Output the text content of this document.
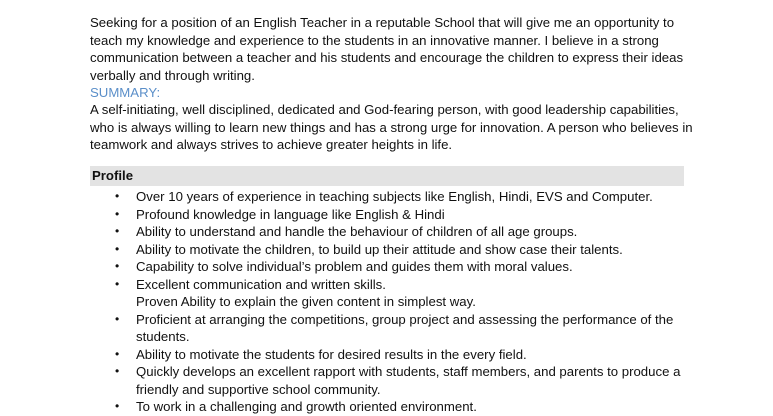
Seeking for a position of an English Teacher in a reputable School that will give me an opportunity to teach my knowledge and experience to the students in an innovative manner. I believe in a strong communication between a teacher and his students and encourage the children to express their ideas verbally and through writing.

SUMMARY:

A self-initiating, well disciplined, dedicated and God-fearing person, with good leadership capabilities, who is always willing to learn new things and has a strong urge for innovation. A person who believes in teamwork and always strives to achieve greater heights in life.

Profile
• Over 10 years of experience in teaching subjects like English, Hindi, EVS and Computer.
• Profound knowledge in language like English & Hindi
• Ability to understand and handle the behaviour of children of all age groups.
• Ability to motivate the children, to build up their attitude and show case their talents.
• Capability to solve individual’s problem and guides them with moral values.
• Excellent communication and written skills.
Proven Ability to explain the given content in simplest way.
• Proficient at arranging the competitions, group project and assessing the performance of the students.
• Ability to motivate the students for desired results in the every field.
• Quickly develops an excellent rapport with students, staff members, and parents to produce a friendly and supportive school community.
• To work in a challenging and growth oriented environment.
